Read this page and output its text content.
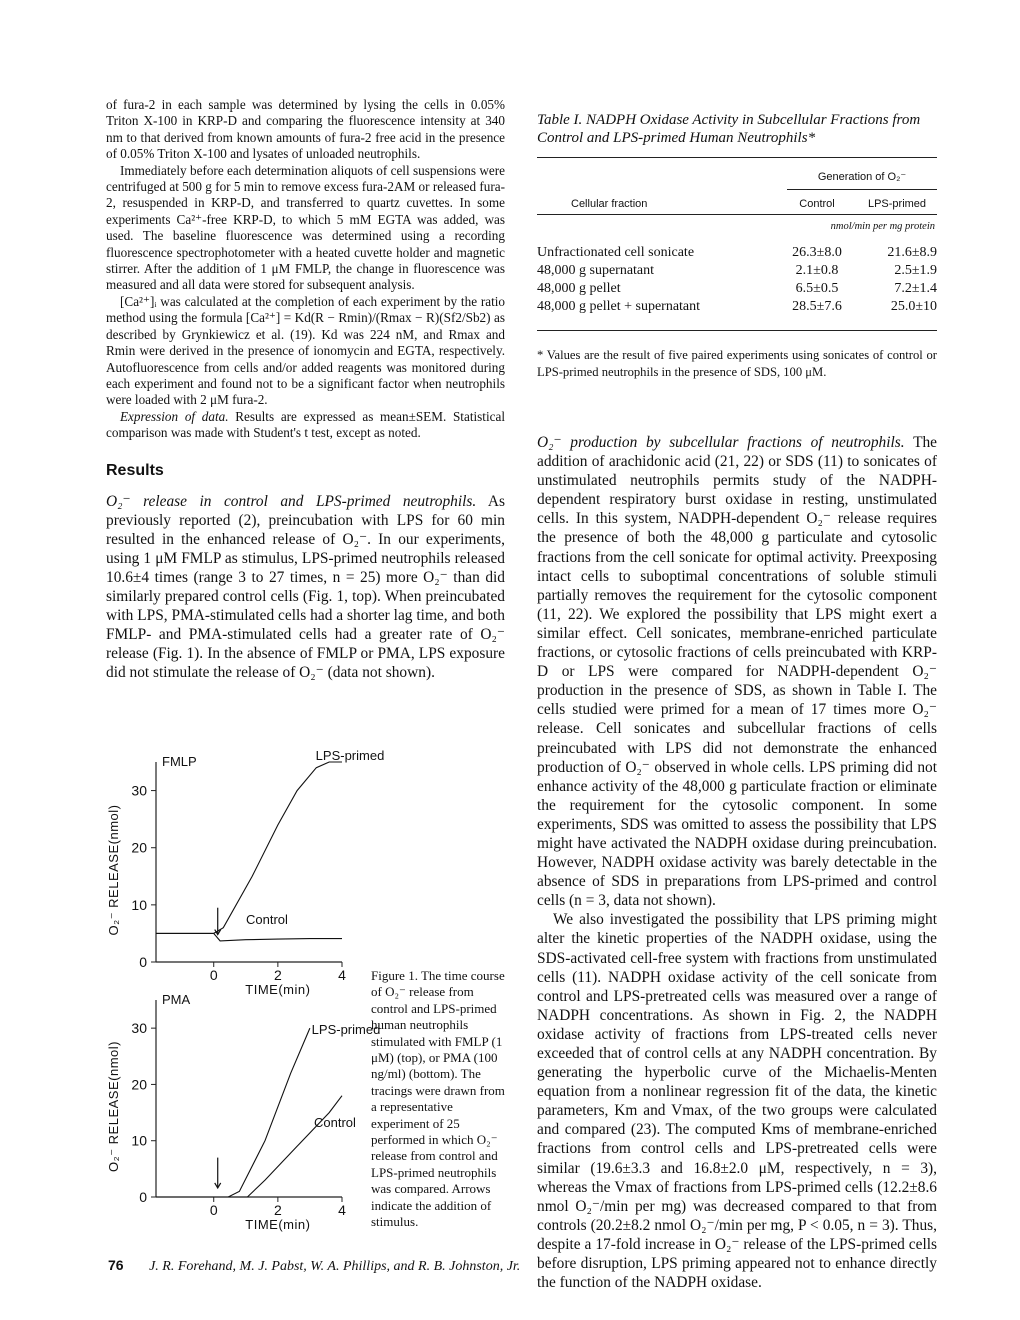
of fura-2 in each sample was determined by lysing the cells in 0.05% Triton X-100 in KRP-D and comparing the fluorescence intensity at 340 nm to that derived from known amounts of fura-2 free acid in the presence of 0.05% Triton X-100 and lysates of unloaded neutrophils.

Immediately before each determination aliquots of cell suspensions were centrifuged at 500 g for 5 min to remove excess fura-2AM or released fura-2, resuspended in KRP-D, and transferred to quartz cuvettes. In some experiments Ca²⁺-free KRP-D, to which 5 mM EGTA was added, was used. The baseline fluorescence was determined using a recording fluorescence spectrophotometer with a heated cuvette holder and magnetic stirrer. After the addition of 1 μM FMLP, the change in fluorescence was measured and all data were stored for subsequent analysis.

[Ca²⁺]ᵢ was calculated at the completion of each experiment by the ratio method using the formula [Ca²⁺] = Kd(R − Rmin)/(Rmax − R)(Sf2/Sb2) as described by Grynkiewicz et al. (19). Kd was 224 nM, and Rmax and Rmin were derived in the presence of ionomycin and EGTA, respectively. Autofluorescence from cells and/or added reagents was monitored during each experiment and found not to be a significant factor when neutrophils were loaded with 2 μM fura-2.

Expression of data. Results are expressed as mean±SEM. Statistical comparison was made with Student's t test, except as noted.

Results

O₂⁻ release in control and LPS-primed neutrophils. As previously reported (2), preincubation with LPS for 60 min resulted in the enhanced release of O₂⁻. In our experiments, using 1 μM FMLP as stimulus, LPS-primed neutrophils released 10.6±4 times (range 3 to 27 times, n = 25) more O₂⁻ than did similarly prepared control cells (Fig. 1, top). When preincubated with LPS, PMA-stimulated cells had a shorter lag time, and both FMLP- and PMA-stimulated cells had a greater rate of O₂⁻ release (Fig. 1). In the absence of FMLP or PMA, LPS exposure did not stimulate the release of O₂⁻ (data not shown).

0
10
20
30
0	2	4
TIME(min)
O₂⁻ RELEASE(nmol)
FMLP	LPS-primed
Control
0
10
20
30
0	2	4
TIME(min)
O₂⁻ RELEASE(nmol)
PMA
LPS-primed
Control
Figure 1. The time course of O₂⁻ release from control and LPS-primed human neutrophils stimulated with FMLP (1 μM) (top), or PMA (100 ng/ml) (bottom). The tracings were drawn from a representative experiment of 25 performed in which O₂⁻ release from control and LPS-primed neutrophils was compared. Arrows indicate the addition of stimulus.
Table I. NADPH Oxidase Activity in Subcellular Fractions from Control and LPS-primed Human Neutrophils*
Generation of O₂⁻
Cellular fraction	Control	LPS-primed
nmol/min per mg protein
Unfractionated cell sonicate	26.3±8.0	21.6±8.9
48,000 g supernatant	2.1±0.8	2.5±1.9
48,000 g pellet	6.5±0.5	7.2±1.4
48,000 g pellet + supernatant	28.5±7.6	25.0±10

* Values are the result of five paired experiments using sonicates of control or LPS-primed neutrophils in the presence of SDS, 100 μM.

O₂⁻ production by subcellular fractions of neutrophils. The addition of arachidonic acid (21, 22) or SDS (11) to sonicates of unstimulated neutrophils permits study of the NADPH-dependent respiratory burst oxidase in resting, unstimulated cells. In this system, NADPH-dependent O₂⁻ release requires the presence of both the 48,000 g particulate and cytosolic fractions from the cell sonicate for optimal activity. Preexposing intact cells to suboptimal concentrations of soluble stimuli partially removes the requirement for the cytosolic component (11, 22). We explored the possibility that LPS might exert a similar effect. Cell sonicates, membrane-enriched particulate fractions, or cytosolic fractions of cells preincubated with KRP-D or LPS were compared for NADPH-dependent O₂⁻ production in the presence of SDS, as shown in Table I. The cells studied were primed for a mean of 17 times more O₂⁻ release. Cell sonicates and subcellular fractions of cells preincubated with LPS did not demonstrate the enhanced production of O₂⁻ observed in whole cells. LPS priming did not enhance activity of the 48,000 g particulate fraction or eliminate the requirement for the cytosolic component. In some experiments, SDS was omitted to assess the possibility that LPS might have activated the NADPH oxidase during preincubation. However, NADPH oxidase activity was barely detectable in the absence of SDS in preparations from LPS-primed and control cells (n = 3, data not shown).

We also investigated the possibility that LPS priming might alter the kinetic properties of the NADPH oxidase, using the SDS-activated cell-free system with fractions from unstimulated cells (11). NADPH oxidase activity of the cell sonicate from control and LPS-pretreated cells was measured over a range of NADPH concentrations. As shown in Fig. 2, the NADPH oxidase activity of fractions from LPS-treated cells never exceeded that of control cells at any NADPH concentration. By generating the hyperbolic curve of the Michaelis-Menten equation from a nonlinear regression fit of the data, the kinetic parameters, Km and Vmax, of the two groups were calculated and compared (23). The computed Kms of membrane-enriched fractions from control cells and LPS-pretreated cells were similar (19.6±3.3 and 16.8±2.0 μM, respectively, n = 3), whereas the Vmax of fractions from LPS-primed cells (12.2±8.6 nmol O₂⁻/min per mg) was decreased compared to that from controls (20.2±8.2 nmol O₂⁻/min per mg, P < 0.05, n = 3). Thus, despite a 17-fold increase in O₂⁻ release of the LPS-primed cells before disruption, LPS priming appeared not to enhance directly the function of the NADPH oxidase.

76 J. R. Forehand, M. J. Pabst, W. A. Phillips, and R. B. Johnston, Jr.
